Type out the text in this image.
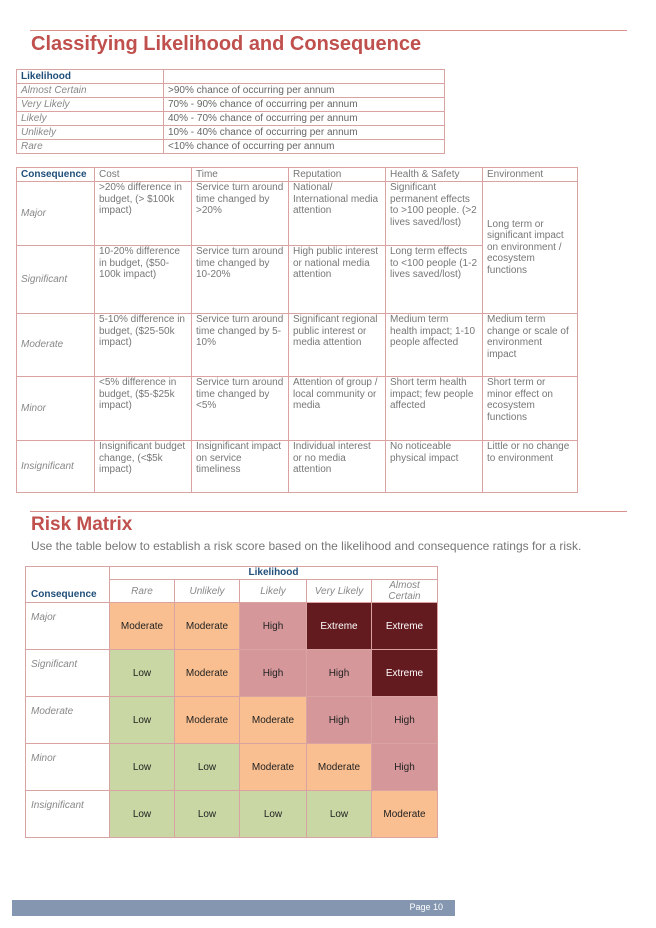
Classifying Likelihood and Consequence
Likelihood	
Almost Certain	>90% chance of occurring per annum
Very Likely	70% - 90% chance of occurring per annum
Likely	40% - 70% chance of occurring per annum
Unlikely	10% - 40% chance of occurring per annum
Rare	<10% chance of occurring per annum
Consequence	Cost	Time	Reputation	Health & Safety	Environment
Major	>20% difference in budget, (> $100k impact)	Service turn around time changed by >20%	National/ International media attention	Significant permanent effects to >100 people. (>2 lives saved/lost)	Long term or significant impact on environment / ecosystem functions
Significant	10-20% difference in budget, ($50-100k impact)	Service turn around time changed by 10-20%	High public interest or national media attention	Long term effects to <100 people (1-2 lives saved/lost)	
Moderate	5-10% difference in budget, ($25-50k impact)	Service turn around time changed by 5-10%	Significant regional public interest or media attention	Medium term health impact; 1-10 people affected	Medium term change or scale of environment impact
Minor	<5% difference in budget, ($5-$25k impact)	Service turn around time changed by <5%	Attention of group / local community or media	Short term health impact; few people affected	Short term or minor effect on ecosystem functions
Insignificant	Insignificant budget change, (<$5k impact)	Insignificant impact on service timeliness	Individual interest or no media attention	No noticeable physical impact	Little or no change to environment
Risk Matrix

Use the table below to establish a risk score based on the likelihood and consequence ratings for a risk.

Consequence	Likelihood				
	Rare	Unlikely	Likely	Very Likely	Almost Certain
Major	Moderate	Moderate	High	Extreme	Extreme
Significant	Low	Moderate	High	High	Extreme
Moderate	Low	Moderate	Moderate	High	High
Minor	Low	Low	Moderate	Moderate	High
Insignificant	Low	Low	Low	Low	Moderate
Page 10
